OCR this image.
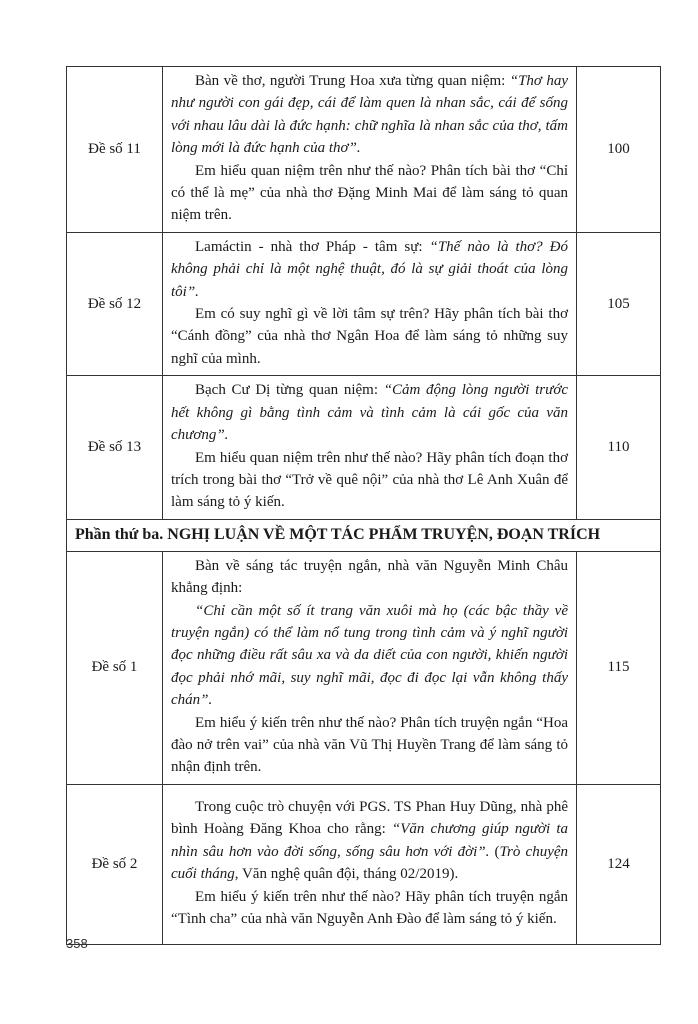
Đề số 11	Bàn về thơ, người Trung Hoa xưa từng quan niệm: “Thơ hay như người con gái đẹp, cái để làm quen là nhan sắc, cái để sống với nhau lâu dài là đức hạnh: chữ nghĩa là nhan sắc của thơ, tấm lòng mới là đức hạnh của thơ”.

Em hiểu quan niệm trên như thế nào? Phân tích bài thơ “Chỉ có thể là mẹ” của nhà thơ Đặng Minh Mai để làm sáng tỏ quan niệm trên.	100
Đề số 12	Lamáctin - nhà thơ Pháp - tâm sự: “Thế nào là thơ? Đó không phải chỉ là một nghệ thuật, đó là sự giải thoát của lòng tôi”.

Em có suy nghĩ gì về lời tâm sự trên? Hãy phân tích bài thơ “Cánh đồng” của nhà thơ Ngân Hoa để làm sáng tỏ những suy nghĩ của mình.	105
Đề số 13	Bạch Cư Dị từng quan niệm: “Cảm động lòng người trước hết không gì bằng tình cảm và tình cảm là cái gốc của văn chương”.

Em hiểu quan niệm trên như thế nào? Hãy phân tích đoạn thơ trích trong bài thơ “Trở về quê nội” của nhà thơ Lê Anh Xuân để làm sáng tỏ ý kiến.	110
Phần thứ ba. NGHỊ LUẬN VỀ MỘT TÁC PHẨM TRUYỆN, ĐOẠN TRÍCH		
Đề số 1	Bàn về sáng tác truyện ngắn, nhà văn Nguyễn Minh Châu khẳng định:

“Chỉ cần một số ít trang văn xuôi mà họ (các bậc thầy về truyện ngắn) có thể làm nổ tung trong tình cảm và ý nghĩ người đọc những điều rất sâu xa và da diết của con người, khiến người đọc phải nhớ mãi, suy nghĩ mãi, đọc đi đọc lại vẫn không thấy chán”.

Em hiểu ý kiến trên như thế nào? Phân tích truyện ngắn “Hoa đào nở trên vai” của nhà văn Vũ Thị Huyền Trang để làm sáng tỏ nhận định trên.	115
Đề số 2	Trong cuộc trò chuyện với PGS. TS Phan Huy Dũng, nhà phê bình Hoàng Đăng Khoa cho rằng: “Văn chương giúp người ta nhìn sâu hơn vào đời sống, sống sâu hơn với đời”. (Trò chuyện cuối tháng, Văn nghệ quân đội, tháng 02/2019).

Em hiểu ý kiến trên như thế nào? Hãy phân tích truyện ngắn “Tình cha” của nhà văn Nguyễn Anh Đào để làm sáng tỏ ý kiến.	124
358
